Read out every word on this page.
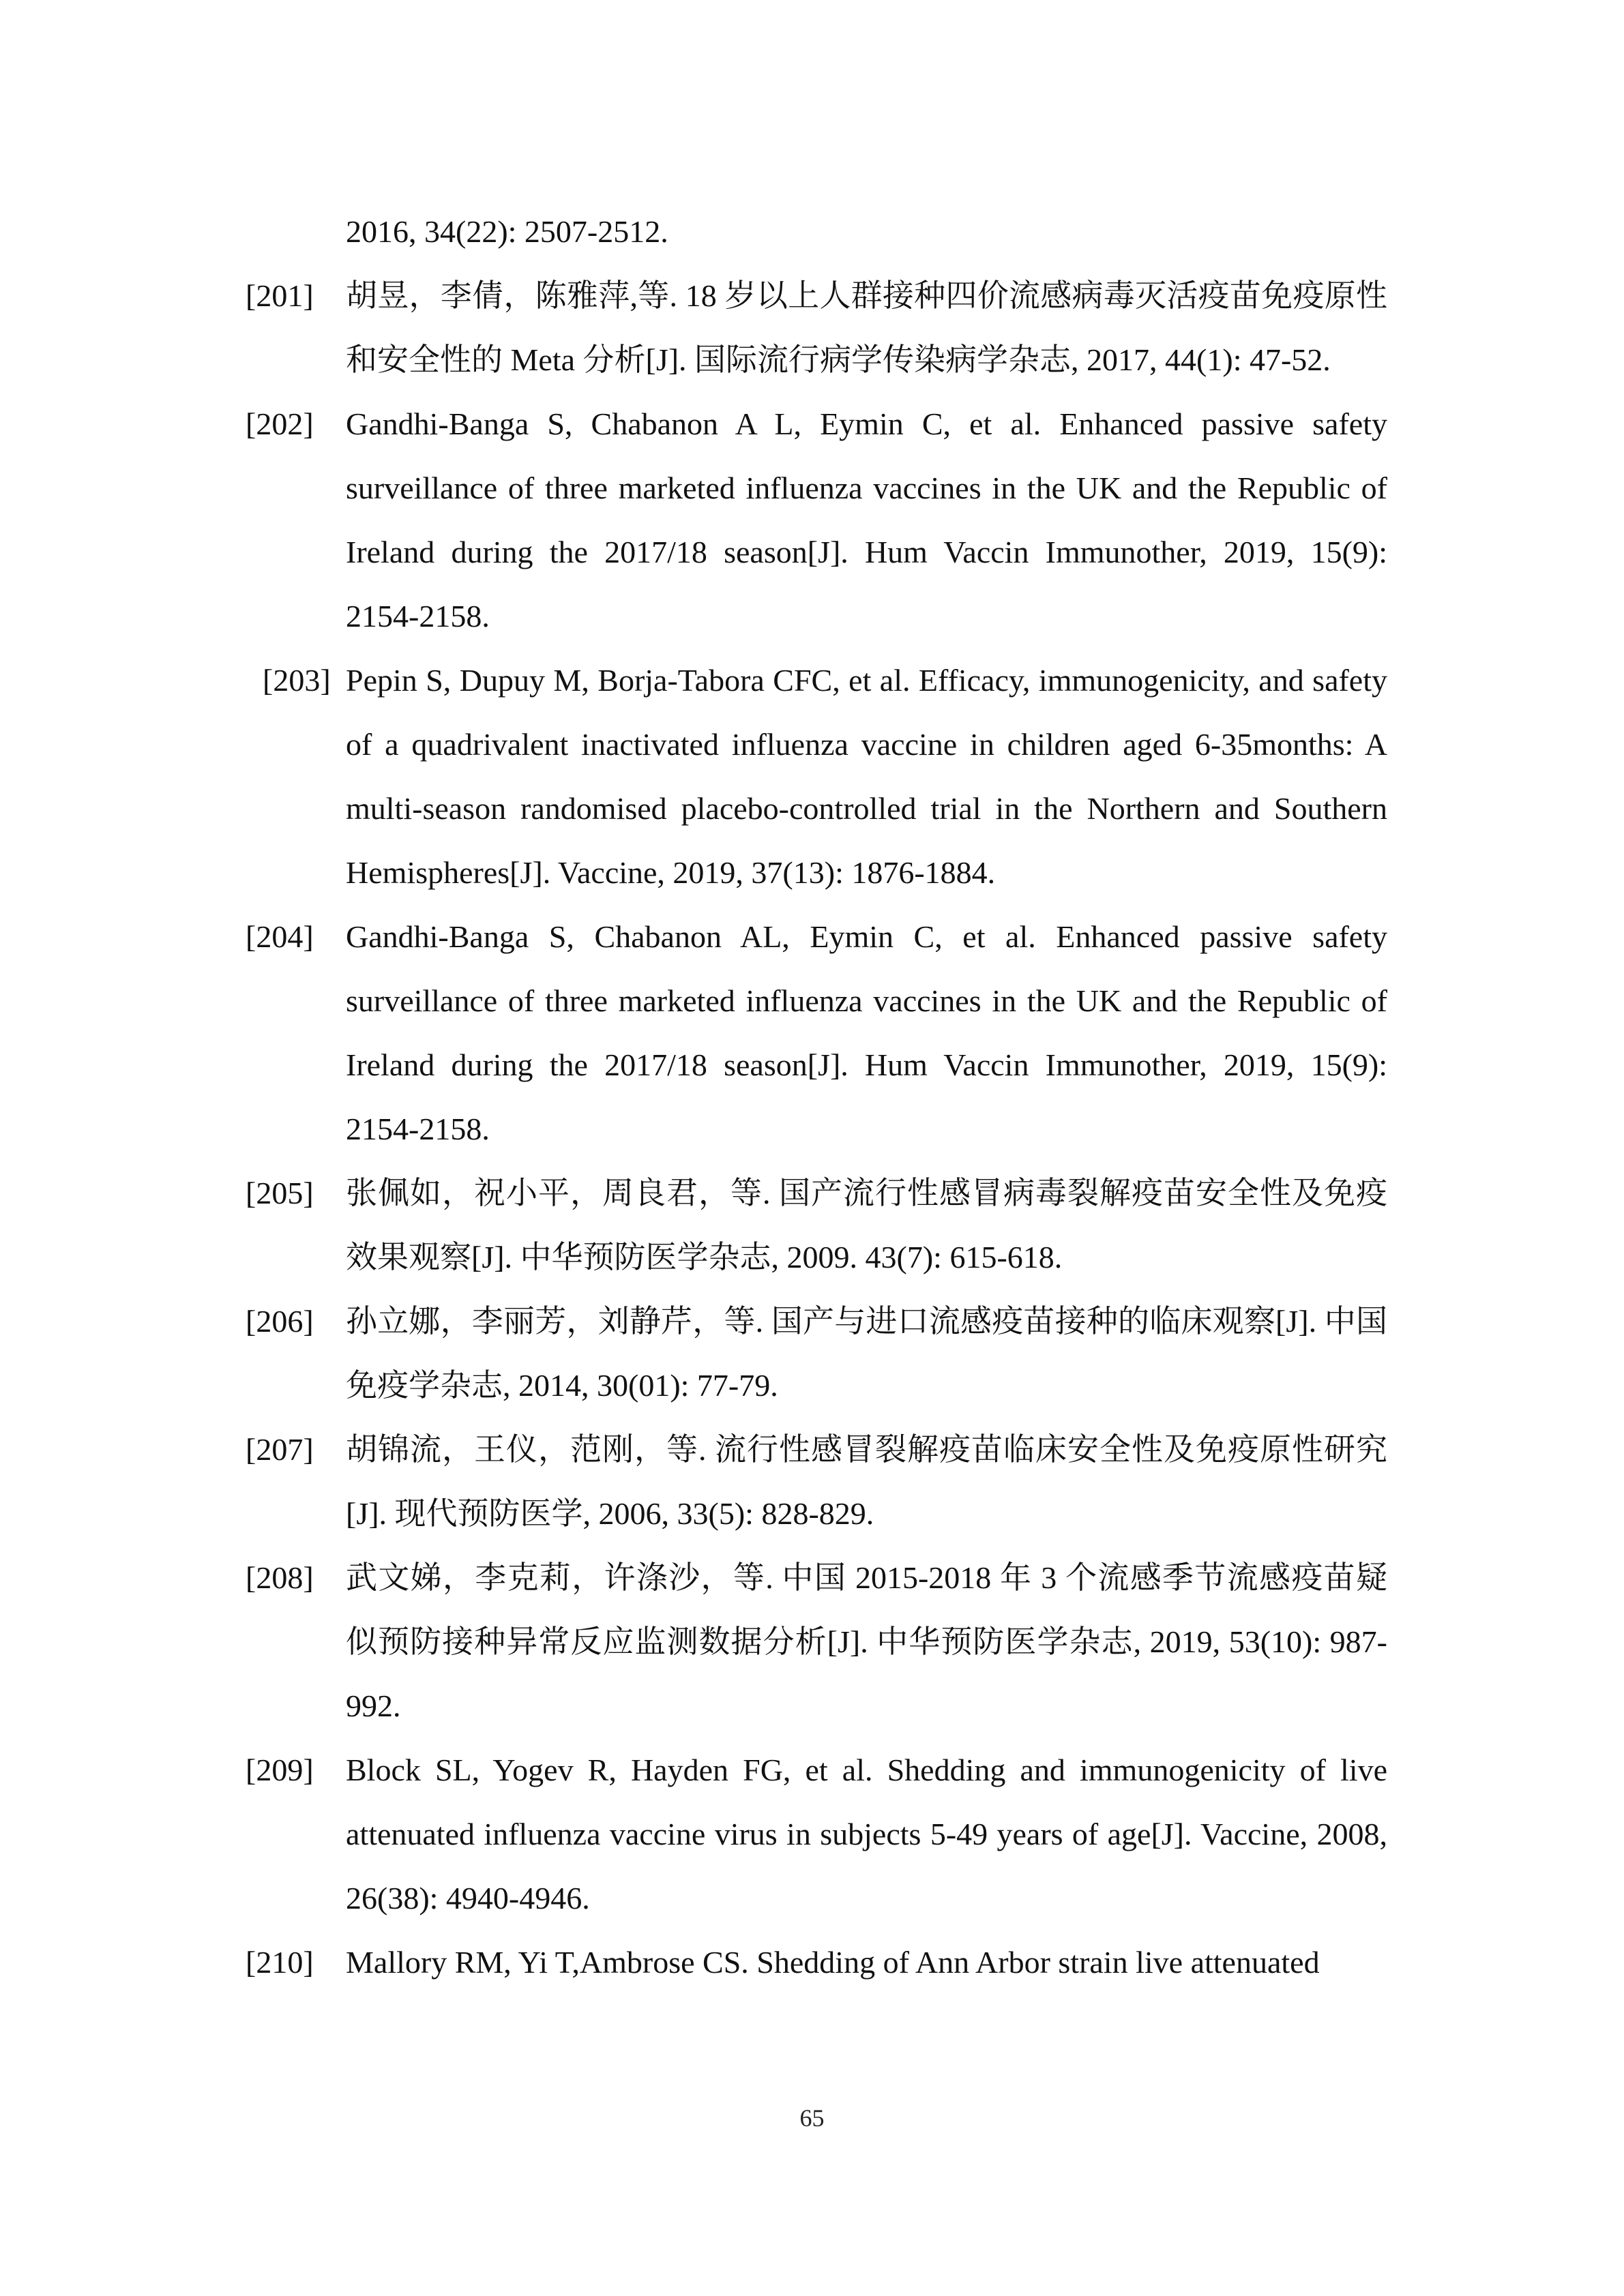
2016, 34(22): 2507-2512.
[201] 胡昱，李倩，陈雅萍,等. 18 岁以上人群接种四价流感病毒灭活疫苗免疫原性和安全性的 Meta 分析[J]. 国际流行病学传染病学杂志, 2017, 44(1): 47-52.
[202] Gandhi-Banga S, Chabanon A L, Eymin C, et al. Enhanced passive safety surveillance of three marketed influenza vaccines in the UK and the Republic of Ireland during the 2017/18 season[J]. Hum Vaccin Immunother, 2019, 15(9): 2154-2158.
[203] Pepin S, Dupuy M, Borja-Tabora CFC, et al. Efficacy, immunogenicity, and safety of a quadrivalent inactivated influenza vaccine in children aged 6-35months: A multi-season randomised placebo-controlled trial in the Northern and Southern Hemispheres[J]. Vaccine, 2019, 37(13): 1876-1884.
[204] Gandhi-Banga S, Chabanon AL, Eymin C, et al. Enhanced passive safety surveillance of three marketed influenza vaccines in the UK and the Republic of Ireland during the 2017/18 season[J]. Hum Vaccin Immunother, 2019, 15(9): 2154-2158.
[205] 张佩如，祝小平，周良君，等. 国产流行性感冒病毒裂解疫苗安全性及免疫效果观察[J]. 中华预防医学杂志, 2009. 43(7): 615-618.
[206] 孙立娜，李丽芳，刘静芹，等. 国产与进口流感疫苗接种的临床观察[J]. 中国免疫学杂志, 2014, 30(01): 77-79.
[207] 胡锦流，王仪，范刚，等. 流行性感冒裂解疫苗临床安全性及免疫原性研究[J]. 现代预防医学, 2006, 33(5): 828-829.
[208] 武文娣，李克莉，许涤沙，等. 中国 2015-2018 年 3 个流感季节流感疫苗疑似预防接种异常反应监测数据分析[J]. 中华预防医学杂志, 2019, 53(10): 987-992.
[209] Block SL, Yogev R, Hayden FG, et al. Shedding and immunogenicity of live attenuated influenza vaccine virus in subjects 5-49 years of age[J]. Vaccine, 2008, 26(38): 4940-4946.
[210] Mallory RM, Yi T,Ambrose CS. Shedding of Ann Arbor strain live attenuated
65
